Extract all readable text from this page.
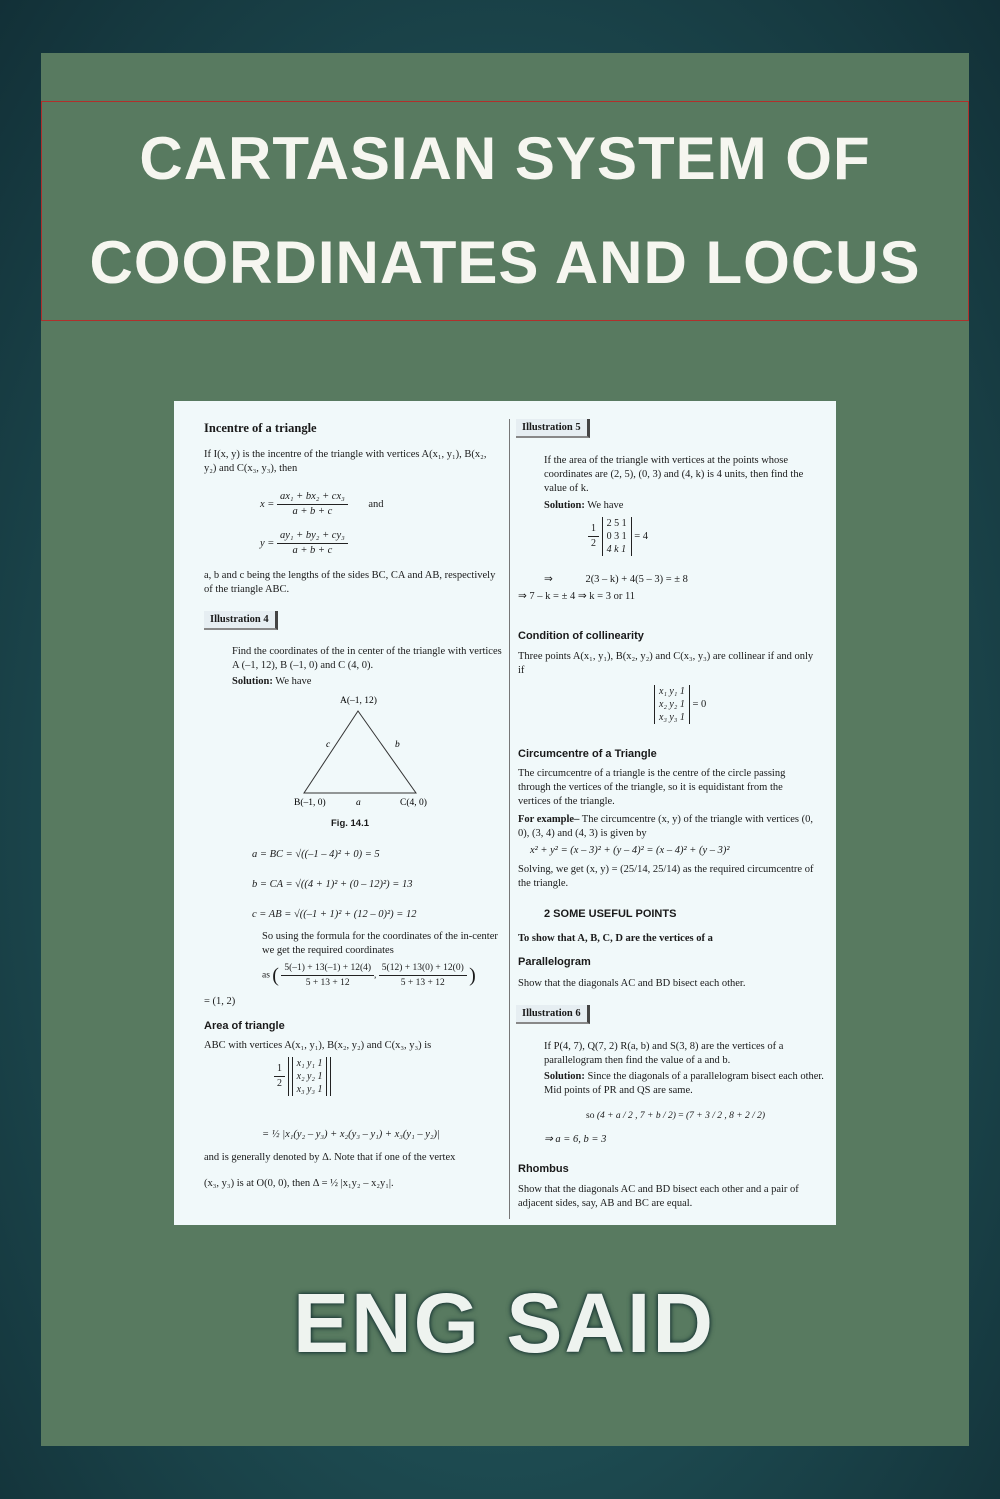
CARTASIAN SYSTEM OF
COORDINATES AND LOCUS
Incentre of a triangle
If I(x, y) is the incentre of the triangle with vertices A(x₁, y₁), B(x₂, y₂) and C(x₃, y₃), then
$x = \frac{\text{ax₁ + bx₂ + cx₃}}{a + b + c}$ and
$y = \frac{\text{ay₁ + by₂ + cy₃}}{a + b + c}$
a, b and c being the lengths of the sides BC, CA and AB, respectively of the triangle ABC.
Illustration 4
Find the coordinates of the in center of the triangle with vertices A (–1, 12), B (–1, 0) and C (4, 0).
Solution: We have
A(–1, 12)
B(–1, 0)	C(4, 0)
a
b
c
Fig. 14.1
a = BC = √((–1 – 4)² + 0) = 5
b = CA = √((4 + 1)² + (0 – 12)²) = 13
c = AB = √((–1 + 1)² + (12 – 0)²) = 12
So using the formula for the coordinates of the in-center we get the required coordinates
as ( $\frac{5(-1) + 13(-1) + 12(4)}{5 + 13 + 12}$ , $\frac{5(12) + 13(0) + 12(0)}{5 + 13 + 12}$ )
= (1, 2)
Area of triangle
ABC with vertices A(x₁, y₁), B(x₂, y₂) and C(x₃, y₃) is
$\frac{1}{2}$
x₁ y₁ 1
x₂ y₂ 1
x₃ y₃ 1
= ½ |x₁(y₂ – y₃) + x₂(y₃ – y₁) + x₃(y₁ – y₂)|
and is generally denoted by Δ. Note that if one of the vertex
(x₃, y₃) is at O(0, 0), then Δ = ½ |x₁y₂ – x₂y₁|.
Illustration 5
If the area of the triangle with vertices at the points whose coordinates are (2, 5), (0, 3) and (4, k) is 4 units, then find the value of k.
Solution: We have
$\frac{1}{2}$
2 5 1
0 3 1
4 k 1
= 4
⇒	2(3 – k) + 4(5 – 3) = ± 8
⇒ 7 – k = ± 4 ⇒ k = 3 or 11
Condition of collinearity
Three points A(x₁, y₁), B(x₂, y₂) and C(x₃, y₃) are collinear if and only if
x₁ y₁ 1
x₂ y₂ 1
x₃ y₃ 1
= 0
Circumcentre of a Triangle
The circumcentre of a triangle is the centre of the circle passing through the vertices of the triangle, so it is equidistant from the vertices of the triangle.
For example– The circumcentre (x, y) of the triangle with vertices (0, 0), (3, 4) and (4, 3) is given by
x² + y² = (x – 3)² + (y – 4)² = (x – 4)² + (y – 3)²
Solving, we get (x, y) = (25/14, 25/14) as the required circumcentre of the triangle.
2 SOME USEFUL POINTS
To show that A, B, C, D are the vertices of a
Parallelogram
Show that the diagonals AC and BD bisect each other.
Illustration 6
If P(4, 7), Q(7, 2) R(a, b) and S(3, 8) are the vertices of a parallelogram then find the value of a and b.
Solution: Since the diagonals of a parallelogram bisect each other. Mid points of PR and QS are same.
so (4 + a / 2 , 7 + b / 2) = (7 + 3 / 2 , 8 + 2 / 2)
⇒ a = 6, b = 3
Rhombus
Show that the diagonals AC and BD bisect each other and a pair of adjacent sides, say, AB and BC are equal.
ENG SAID
